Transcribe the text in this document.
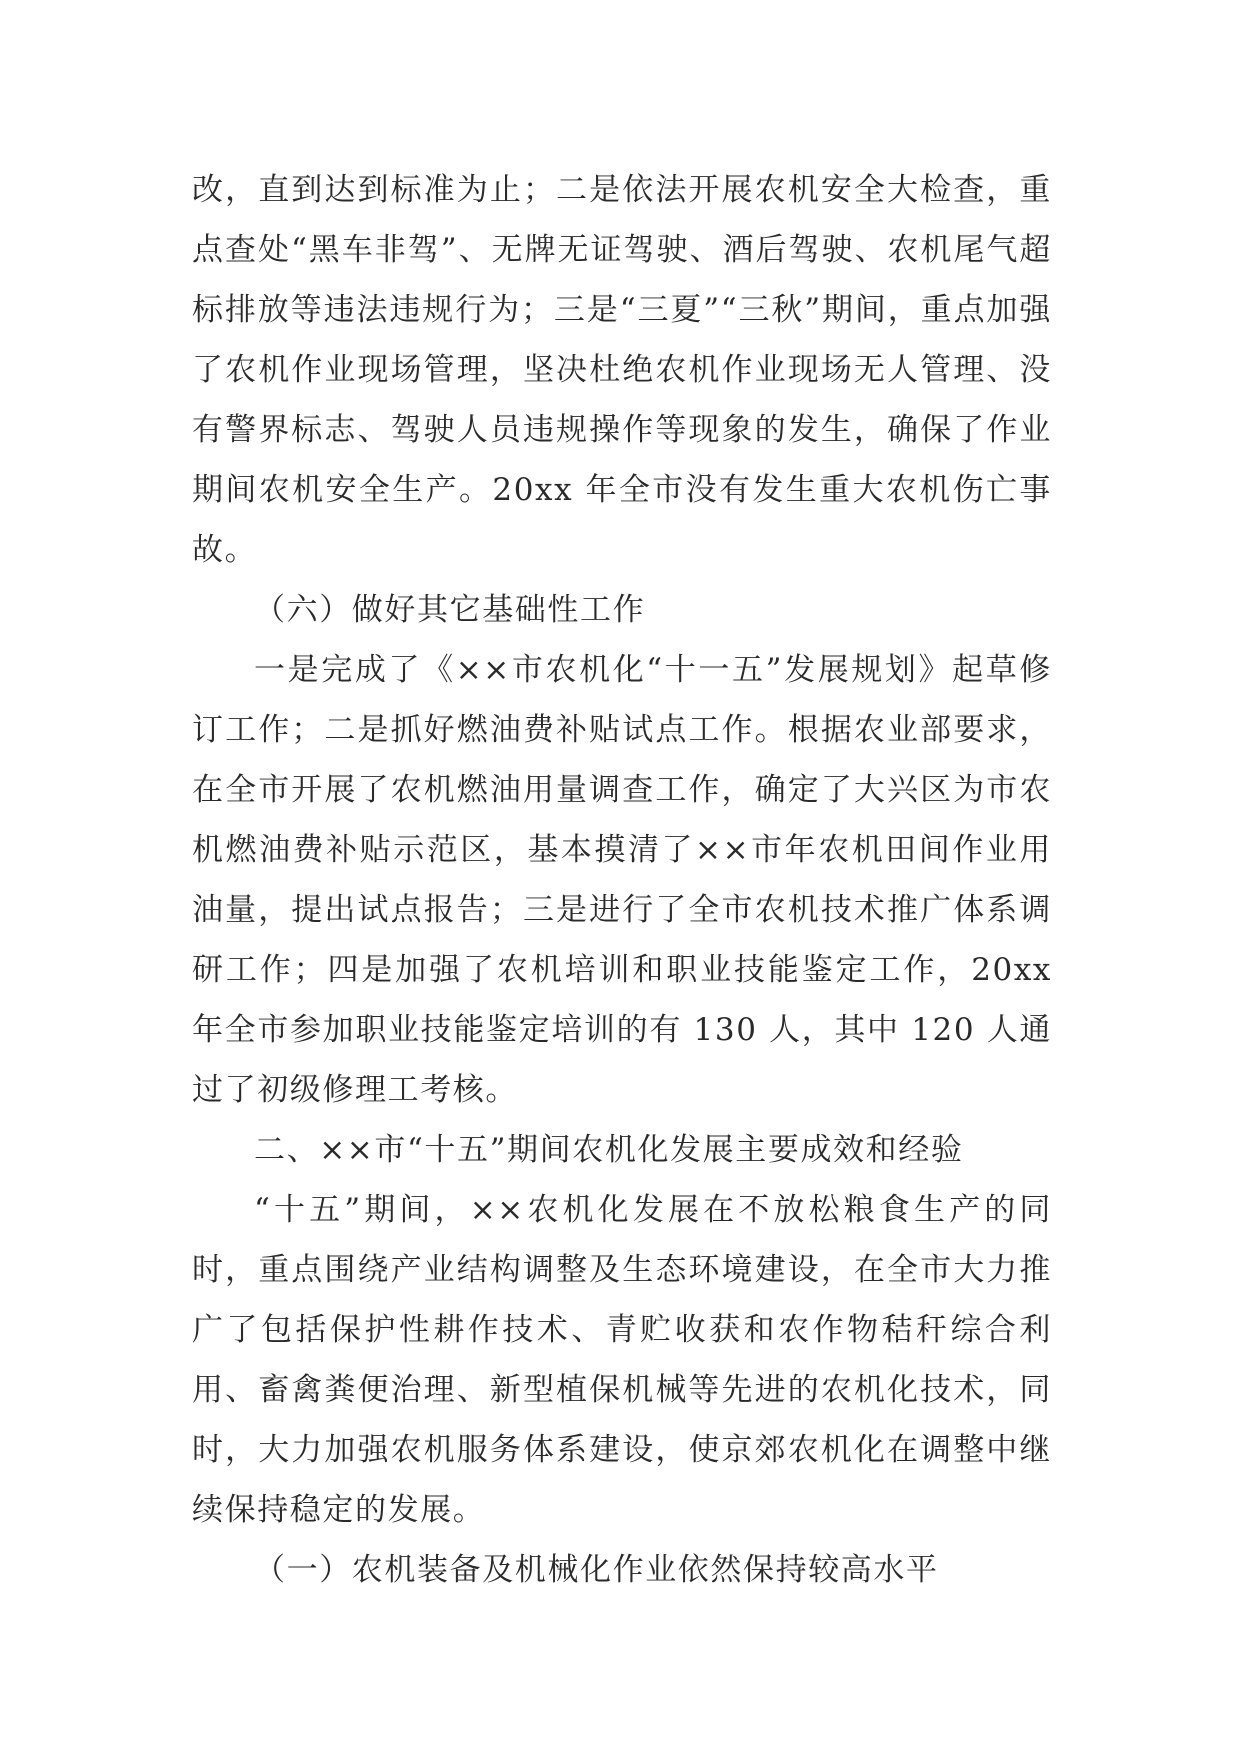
改，直到达到标准为止；二是依法开展农机安全大检查，重点查处“黑车非驾”、无牌无证驾驶、酒后驾驶、农机尾气超标排放等违法违规行为；三是“三夏”“三秋”期间，重点加强了农机作业现场管理，坚决杜绝农机作业现场无人管理、没有警界标志、驾驶人员违规操作等现象的发生，确保了作业期间农机安全生产。20xx 年全市没有发生重大农机伤亡事故。

（六）做好其它基础性工作

一是完成了《××市农机化“十一五”发展规划》起草修订工作；二是抓好燃油费补贴试点工作。根据农业部要求，在全市开展了农机燃油用量调查工作，确定了大兴区为市农机燃油费补贴示范区，基本摸清了××市年农机田间作业用油量，提出试点报告；三是进行了全市农机技术推广体系调研工作；四是加强了农机培训和职业技能鉴定工作，20xx 年全市参加职业技能鉴定培训的有 130 人，其中 120 人通过了初级修理工考核。

二、××市“十五”期间农机化发展主要成效和经验

“十五”期间，××农机化发展在不放松粮食生产的同时，重点围绕产业结构调整及生态环境建设，在全市大力推广了包括保护性耕作技术、青贮收获和农作物秸秆综合利用、畜禽粪便治理、新型植保机械等先进的农机化技术，同时，大力加强农机服务体系建设，使京郊农机化在调整中继续保持稳定的发展。

（一）农机装备及机械化作业依然保持较高水平
